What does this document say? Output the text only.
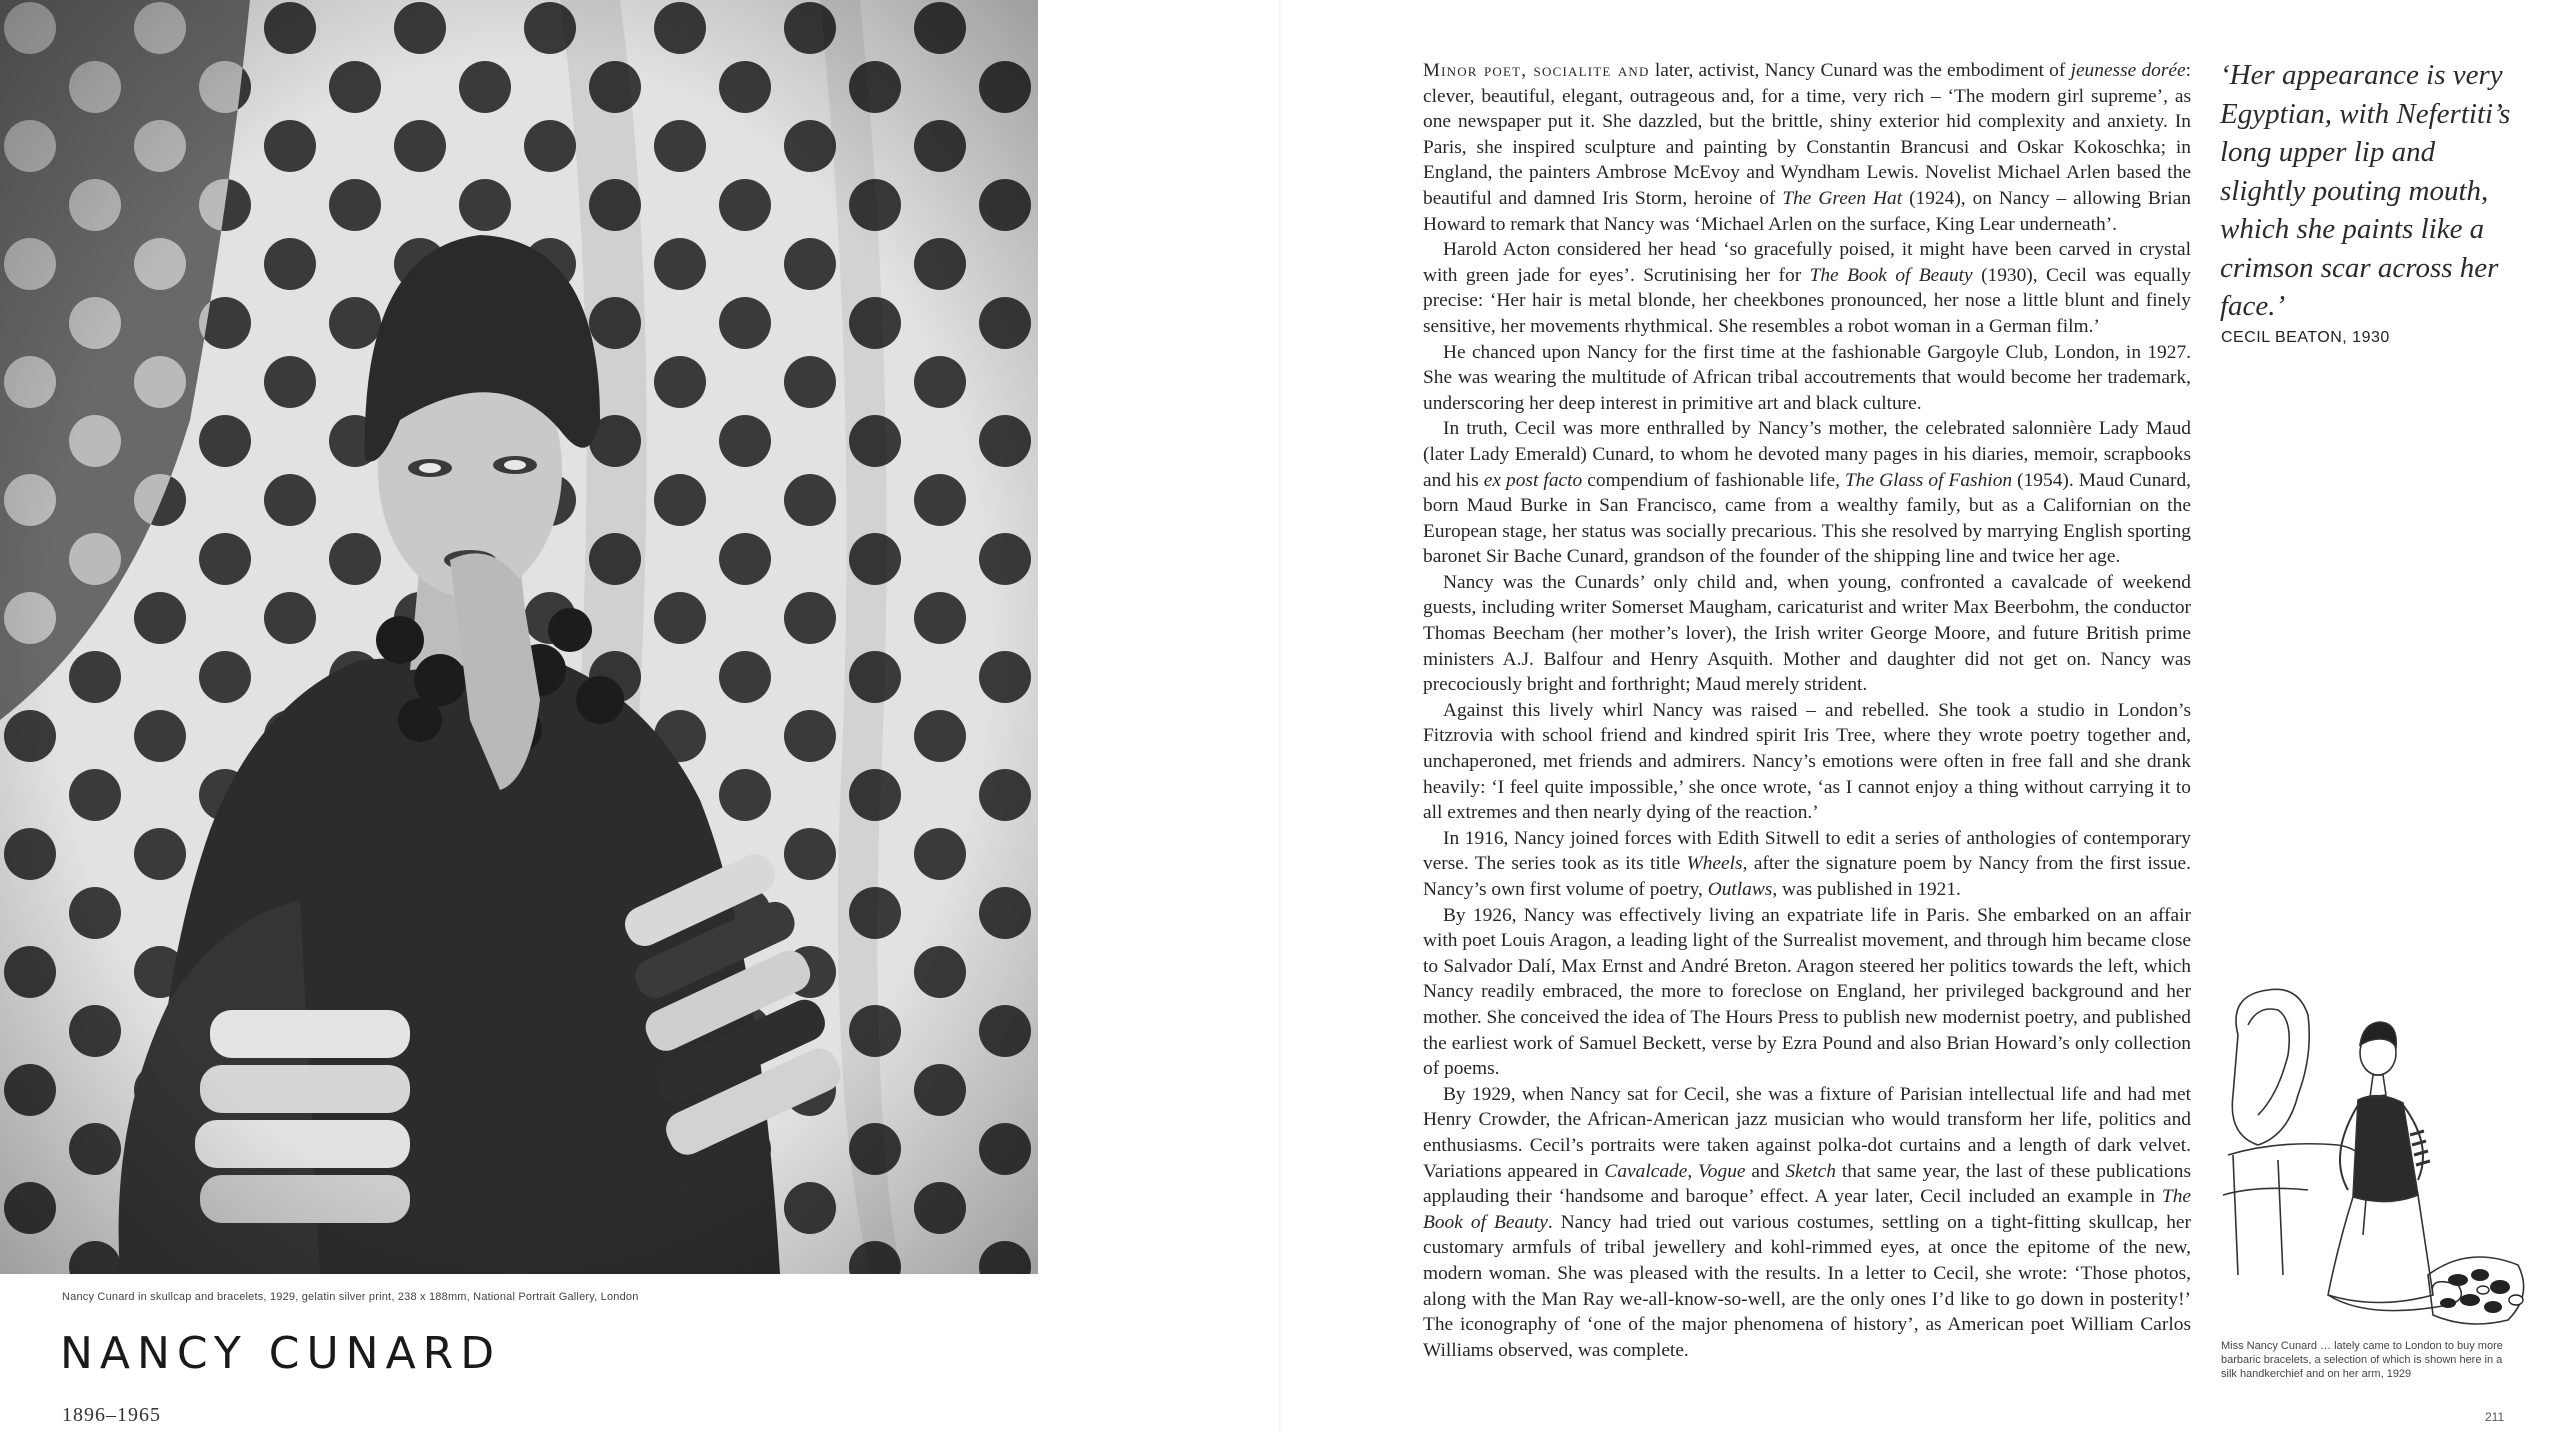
Nancy Cunard in skullcap and bracelets, 1929, gelatin silver print, 238 x 188mm, National Portrait Gallery, London
NANCY CUNARD
1896–1965

Minor poet, socialite and later, activist, Nancy Cunard was the embodiment of jeunesse dorée: clever, beautiful, elegant, outrageous and, for a time, very rich – ‘The modern girl supreme’, as one newspaper put it. She dazzled, but the brittle, shiny exterior hid complexity and anxiety. In Paris, she inspired sculpture and painting by Constantin Brancusi and Oskar Kokoschka; in England, the painters Ambrose McEvoy and Wyndham Lewis. Novelist Michael Arlen based the beautiful and damned Iris Storm, heroine of The Green Hat (1924), on Nancy – allowing Brian Howard to remark that Nancy was ‘Michael Arlen on the surface, King Lear underneath’.

Harold Acton considered her head ‘so gracefully poised, it might have been carved in crystal with green jade for eyes’. Scrutinising her for The Book of Beauty (1930), Cecil was equally precise: ‘Her hair is metal blonde, her cheekbones pronounced, her nose a little blunt and finely sensitive, her movements rhythmical. She resembles a robot woman in a German film.’

He chanced upon Nancy for the first time at the fashionable Gargoyle Club, London, in 1927. She was wearing the multitude of African tribal accoutrements that would become her trademark, underscoring her deep interest in primitive art and black culture.

In truth, Cecil was more enthralled by Nancy’s mother, the celebrated salonnière Lady Maud (later Lady Emerald) Cunard, to whom he devoted many pages in his diaries, memoir, scrapbooks and his ex post facto compendium of fashionable life, The Glass of Fashion (1954). Maud Cunard, born Maud Burke in San Francisco, came from a wealthy family, but as a Californian on the European stage, her status was socially precarious. This she resolved by marrying English sporting baronet Sir Bache Cunard, grandson of the founder of the shipping line and twice her age.

Nancy was the Cunards’ only child and, when young, confronted a cavalcade of weekend guests, including writer Somerset Maugham, caricaturist and writer Max Beerbohm, the conductor Thomas Beecham (her mother’s lover), the Irish writer George Moore, and future British prime ministers A.J. Balfour and Henry Asquith. Mother and daughter did not get on. Nancy was precociously bright and forthright; Maud merely strident.

Against this lively whirl Nancy was raised – and rebelled. She took a studio in London’s Fitzrovia with school friend and kindred spirit Iris Tree, where they wrote poetry together and, unchaperoned, met friends and admirers. Nancy’s emotions were often in free fall and she drank heavily: ‘I feel quite impossible,’ she once wrote, ‘as I cannot enjoy a thing without carrying it to all extremes and then nearly dying of the reaction.’

In 1916, Nancy joined forces with Edith Sitwell to edit a series of anthologies of contemporary verse. The series took as its title Wheels, after the signature poem by Nancy from the first issue. Nancy’s own first volume of poetry, Outlaws, was published in 1921.

By 1926, Nancy was effectively living an expatriate life in Paris. She embarked on an affair with poet Louis Aragon, a leading light of the Surrealist movement, and through him became close to Salvador Dalí, Max Ernst and André Breton. Aragon steered her politics towards the left, which Nancy readily embraced, the more to foreclose on England, her privileged background and her mother. She conceived the idea of The Hours Press to publish new modernist poetry, and published the earliest work of Samuel Beckett, verse by Ezra Pound and also Brian Howard’s only collection of poems.

By 1929, when Nancy sat for Cecil, she was a fixture of Parisian intellectual life and had met Henry Crowder, the African-American jazz musician who would transform her life, politics and enthusiasms. Cecil’s portraits were taken against polka-dot curtains and a length of dark velvet. Variations appeared in Cavalcade, Vogue and Sketch that same year, the last of these publications applauding their ‘handsome and baroque’ effect. A year later, Cecil included an example in The Book of Beauty. Nancy had tried out various costumes, settling on a tight-fitting skullcap, her customary armfuls of tribal jewellery and kohl-rimmed eyes, at once the epitome of the new, modern woman. She was pleased with the results. In a letter to Cecil, she wrote: ‘Those photos, along with the Man Ray we-all-know-so-well, are the only ones I’d like to go down in posterity!’ The iconography of ‘one of the major phenomena of history’, as American poet William Carlos Williams observed, was complete.

‘Her appearance is very Egyptian, with Nefertiti’s long upper lip and slightly pouting mouth, which she paints like a crimson scar across her face.’
CECIL BEATON, 1930
Miss Nancy Cunard … lately came to London to buy more barbaric bracelets, a selection of which is shown here in a silk handkerchief and on her arm, 1929
211
